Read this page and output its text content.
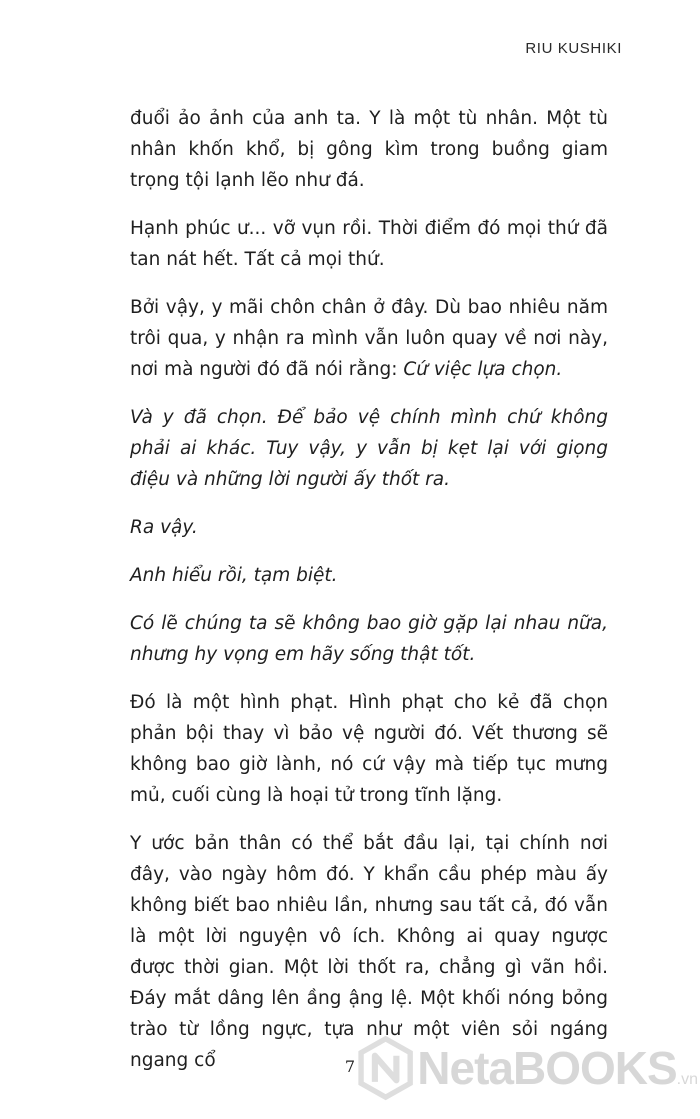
RIU KUSHIKI

đuổi ảo ảnh của anh ta. Y là một tù nhân. Một tù nhân khốn khổ, bị gông kìm trong buồng giam trọng tội lạnh lẽo như đá.

Hạnh phúc ư... vỡ vụn rồi. Thời điểm đó mọi thứ đã tan nát hết. Tất cả mọi thứ.

Bởi vậy, y mãi chôn chân ở đây. Dù bao nhiêu năm trôi qua, y nhận ra mình vẫn luôn quay về nơi này, nơi mà người đó đã nói rằng: Cứ việc lựa chọn.

Và y đã chọn. Để bảo vệ chính mình chứ không phải ai khác. Tuy vậy, y vẫn bị kẹt lại với giọng điệu và những lời người ấy thốt ra.

Ra vậy.

Anh hiểu rồi, tạm biệt.

Có lẽ chúng ta sẽ không bao giờ gặp lại nhau nữa, nhưng hy vọng em hãy sống thật tốt.

Đó là một hình phạt. Hình phạt cho kẻ đã chọn phản bội thay vì bảo vệ người đó. Vết thương sẽ không bao giờ lành, nó cứ vậy mà tiếp tục mưng mủ, cuối cùng là hoại tử trong tĩnh lặng.

Y ước bản thân có thể bắt đầu lại, tại chính nơi đây, vào ngày hôm đó. Y khẩn cầu phép màu ấy không biết bao nhiêu lần, nhưng sau tất cả, đó vẫn là một lời nguyện vô ích. Không ai quay ngược được thời gian. Một lời thốt ra, chẳng gì vãn hồi. Đáy mắt dâng lên ầng ậng lệ. Một khối nóng bỏng trào từ lồng ngực, tựa như một viên sỏi ngáng ngang cổ	NetaBOOKS .vn
7
